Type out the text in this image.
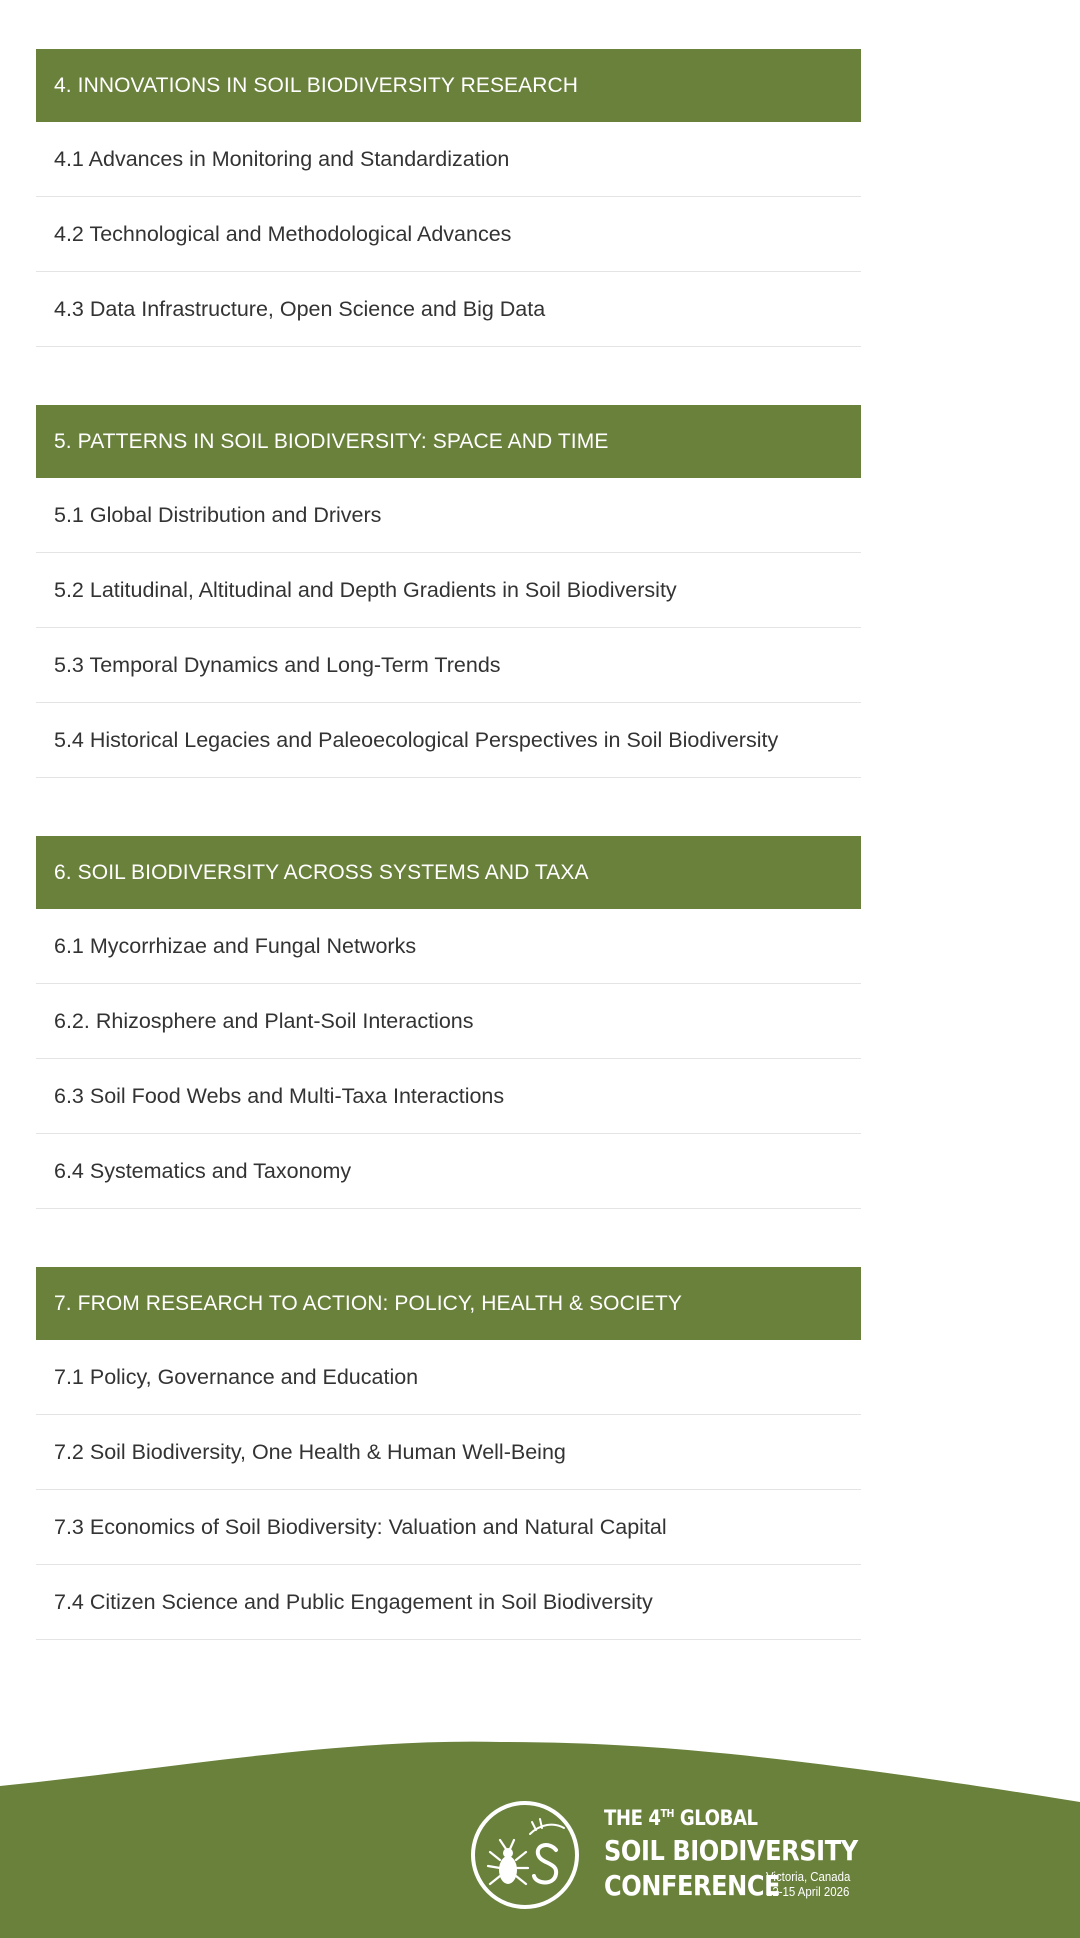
4. INNOVATIONS IN SOIL BIODIVERSITY RESEARCH
4.1 Advances in Monitoring and Standardization
4.2 Technological and Methodological Advances
4.3 Data Infrastructure, Open Science and Big Data
5. PATTERNS IN SOIL BIODIVERSITY: SPACE AND TIME
5.1 Global Distribution and Drivers
5.2 Latitudinal, Altitudinal and Depth Gradients in Soil Biodiversity
5.3 Temporal Dynamics and Long-Term Trends
5.4 Historical Legacies and Paleoecological Perspectives in Soil Biodiversity
6. SOIL BIODIVERSITY ACROSS SYSTEMS AND TAXA
6.1 Mycorrhizae and Fungal Networks
6.2. Rhizosphere and Plant-Soil Interactions
6.3 Soil Food Webs and Multi-Taxa Interactions
6.4 Systematics and Taxonomy
7. FROM RESEARCH TO ACTION: POLICY, HEALTH & SOCIETY
7.1 Policy, Governance and Education
7.2 Soil Biodiversity, One Health & Human Well-Being
7.3 Economics of Soil Biodiversity: Valuation and Natural Capital
7.4 Citizen Science and Public Engagement in Soil Biodiversity
THE 4TH GLOBAL
SOIL BIODIVERSITY
CONFERENCE
Victoria, Canada
12-15 April 2026
